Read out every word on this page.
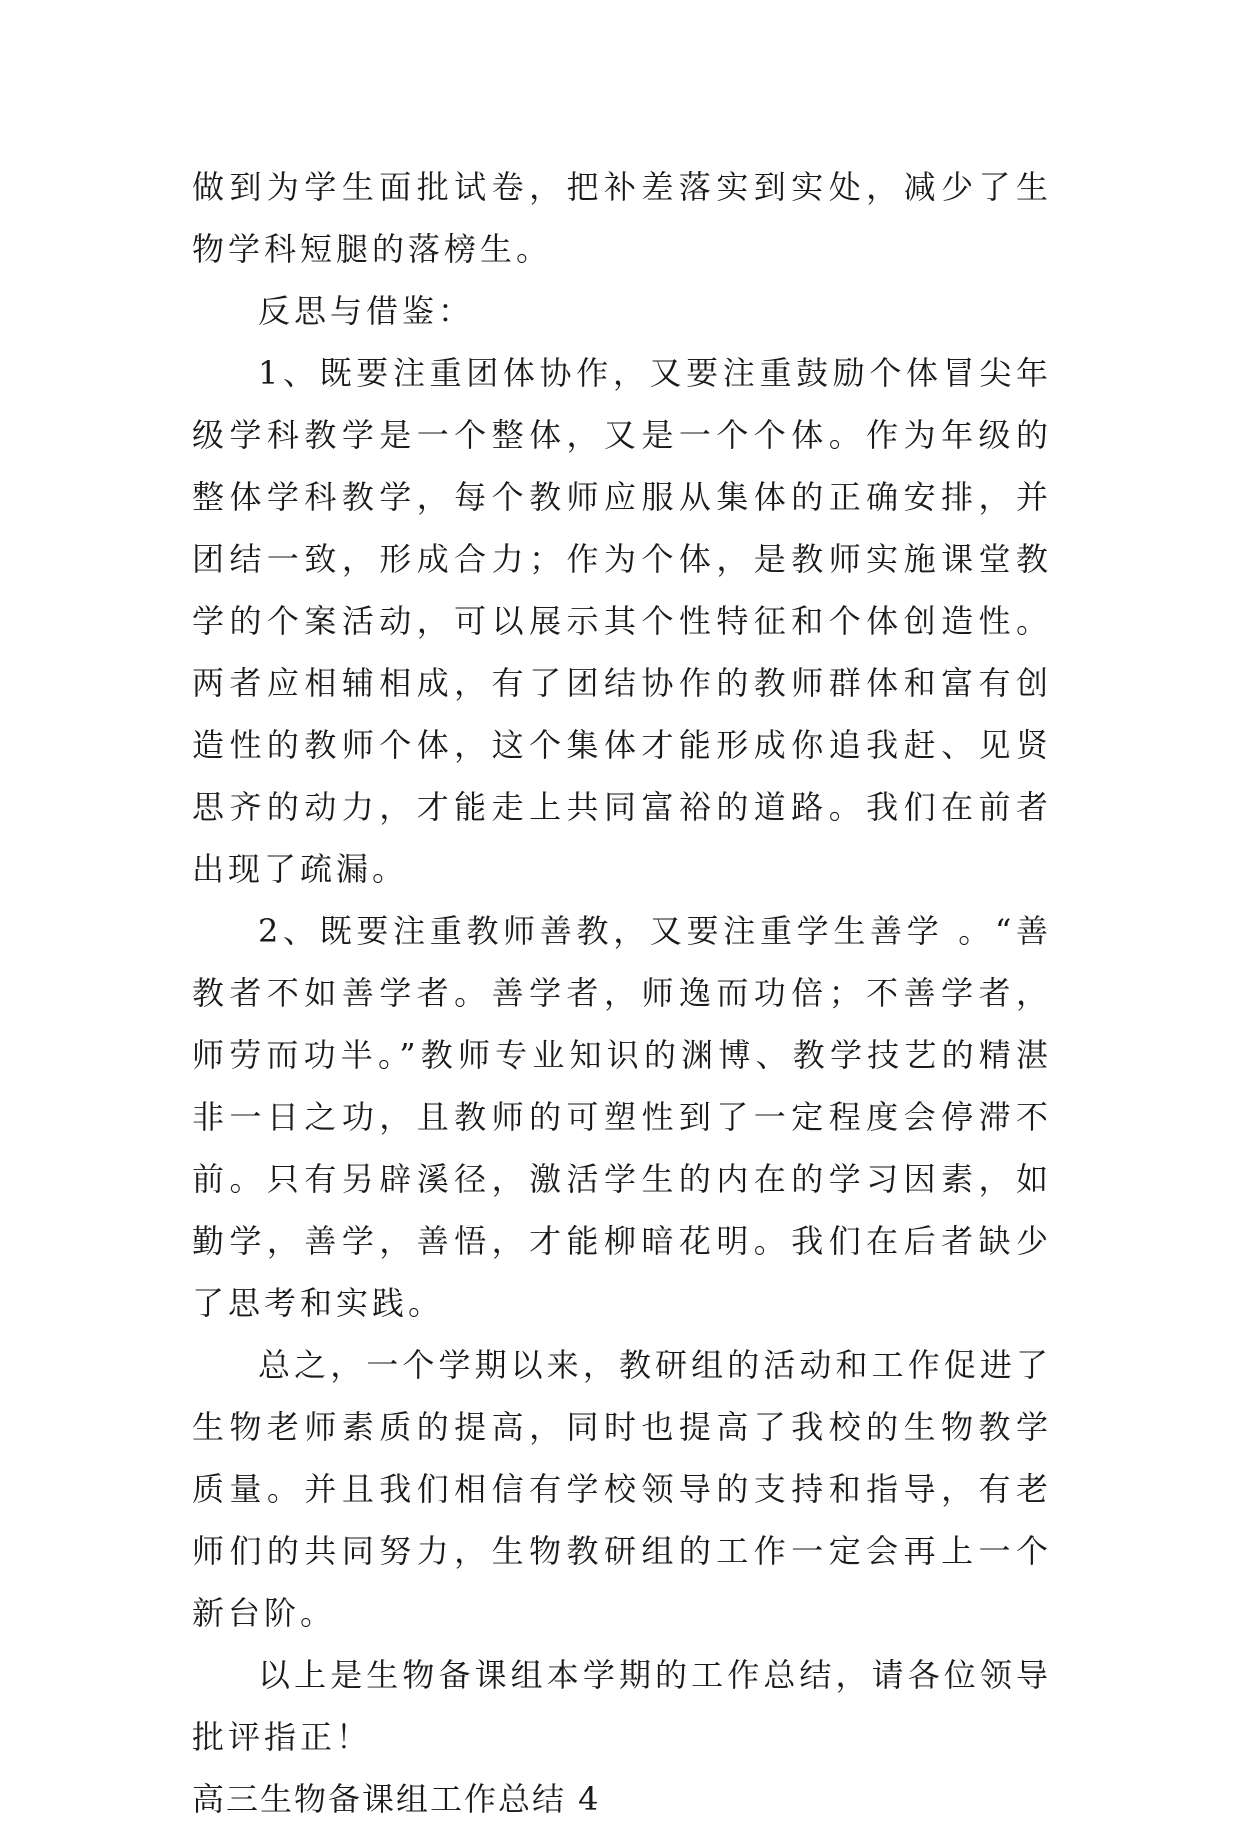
做到为学生面批试卷，把补差落实到实处，减少了生物学科短腿的落榜生。

反思与借鉴：

1、既要注重团体协作，又要注重鼓励个体冒尖年级学科教学是一个整体，又是一个个体。作为年级的整体学科教学，每个教师应服从集体的正确安排，并团结一致，形成合力；作为个体，是教师实施课堂教学的个案活动，可以展示其个性特征和个体创造性。两者应相辅相成，有了团结协作的教师群体和富有创造性的教师个体，这个集体才能形成你追我赶、见贤思齐的动力，才能走上共同富裕的道路。我们在前者出现了疏漏。

2、既要注重教师善教，又要注重学生善学 。“善教者不如善学者。善学者，师逸而功倍；不善学者，师劳而功半。”教师专业知识的渊博、教学技艺的精湛非一日之功，且教师的可塑性到了一定程度会停滞不前。只有另辟溪径，激活学生的内在的学习因素，如勤学，善学，善悟，才能柳暗花明。我们在后者缺少了思考和实践。

总之，一个学期以来，教研组的活动和工作促进了生物老师素质的提高，同时也提高了我校的生物教学质量。并且我们相信有学校领导的支持和指导，有老师们的共同努力，生物教研组的工作一定会再上一个新台阶。

以上是生物备课组本学期的工作总结，请各位领导批评指正！

高三生物备课组工作总结 4
